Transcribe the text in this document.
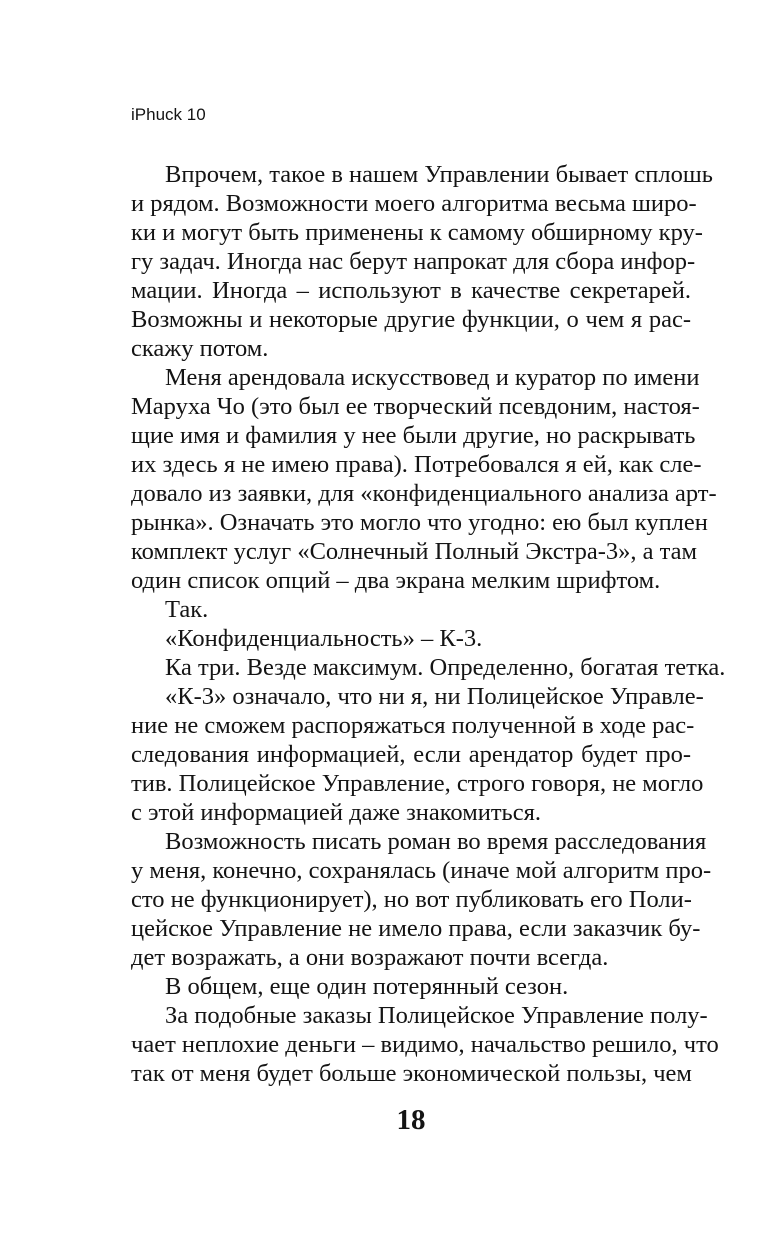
iPhuck 10

Впрочем, такое в нашем Управлении бывает сплошь

и рядом. Возможности моего алгоритма весьма широ-

ки и могут быть применены к самому обширному кру-

гу задач. Иногда нас берут напрокат для сбора инфор-

мации. Иногда – используют в качестве секретарей.

Возможны и некоторые другие функции, о чем я рас-

скажу потом.

Меня арендовала искусствовед и куратор по имени

Маруха Чо (это был ее творческий псевдоним, настоя-

щие имя и фамилия у нее были другие, но раскрывать

их здесь я не имею права). Потребовался я ей, как сле-

довало из заявки, для «конфиденциального анализа арт-

рынка». Означать это могло что угодно: ею был куплен

комплект услуг «Солнечный Полный Экстра-3», а там

один список опций – два экрана мелким шрифтом.

Так.

«Конфиденциальность» – К-3.

Ка три. Везде максимум. Определенно, богатая тетка.

«К-3» означало, что ни я, ни Полицейское Управле-

ние не сможем распоряжаться полученной в ходе рас-

следования информацией, если арендатор будет про-

тив. Полицейское Управление, строго говоря, не могло

с этой информацией даже знакомиться.

Возможность писать роман во время расследования

у меня, конечно, сохранялась (иначе мой алгоритм про-

сто не функционирует), но вот публиковать его Поли-

цейское Управление не имело права, если заказчик бу-

дет возражать, а они возражают почти всегда.

В общем, еще один потерянный сезон.

За подобные заказы Полицейское Управление полу-

чает неплохие деньги – видимо, начальство решило, что

так от меня будет больше экономической пользы, чем

18
